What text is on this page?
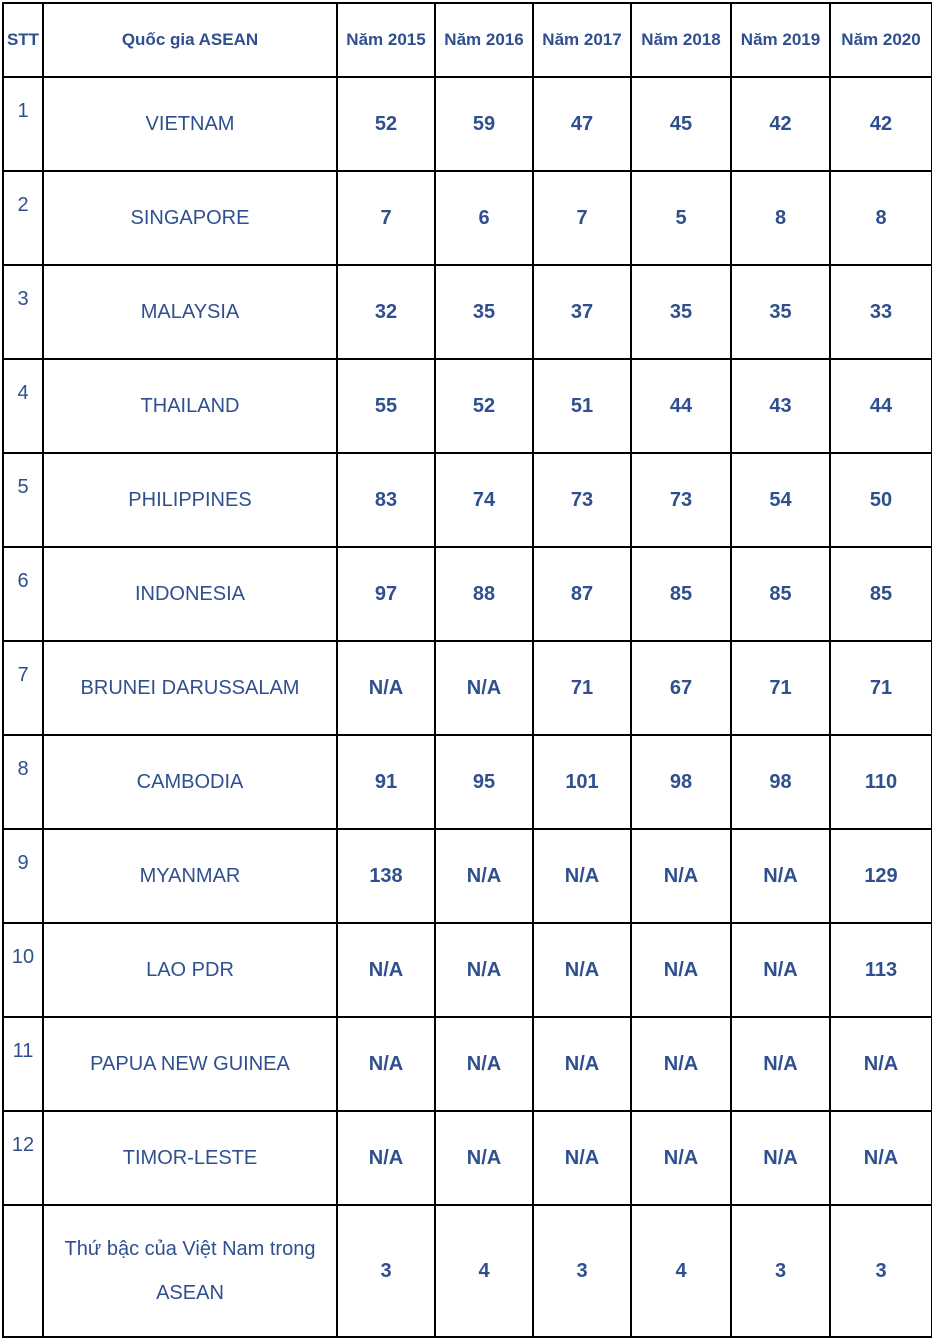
STT	Quốc gia ASEAN	Năm 2015	Năm 2016	Năm 2017	Năm 2018	Năm 2019	Năm 2020
1	VIETNAM	52	59	47	45	42	42
2	SINGAPORE	7	6	7	5	8	8
3	MALAYSIA	32	35	37	35	35	33
4	THAILAND	55	52	51	44	43	44
5	PHILIPPINES	83	74	73	73	54	50
6	INDONESIA	97	88	87	85	85	85
7	BRUNEI DARUSSALAM	N/A	N/A	71	67	71	71
8	CAMBODIA	91	95	101	98	98	110
9	MYANMAR	138	N/A	N/A	N/A	N/A	129
10	LAO PDR	N/A	N/A	N/A	N/A	N/A	113
11	PAPUA NEW GUINEA	N/A	N/A	N/A	N/A	N/A	N/A
12	TIMOR-LESTE	N/A	N/A	N/A	N/A	N/A	N/A
	Thứ bậc của Việt Nam trong ASEAN	3	4	3	4	3	3
